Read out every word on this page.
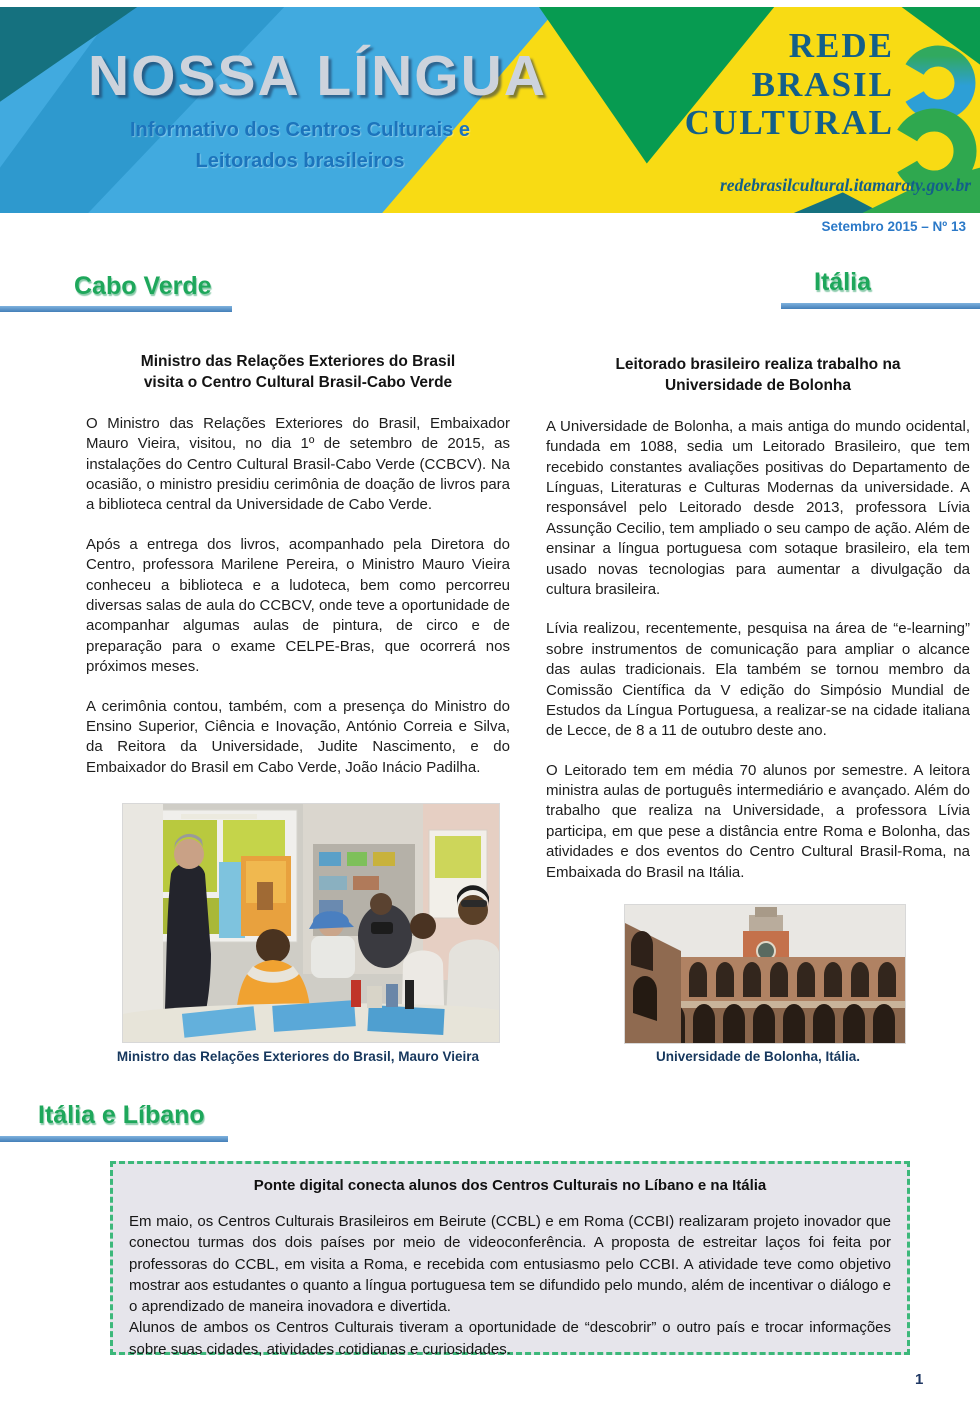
NOSSA LÍNGUA
Informativo dos Centros Culturais e
Leitorados brasileiros
REDE
BRASIL
CULTURAL
redebrasilcultural.itamaraty.gov.br
Setembro 2015 – Nº 13
Cabo Verde	Itália
Ministro das Relações Exteriores do Brasil visita o Centro Cultural Brasil-Cabo Verde

O Ministro das Relações Exteriores do Brasil, Embaixador Mauro Vieira, visitou, no dia 1º de setembro de 2015, as instalações do Centro Cultural Brasil-Cabo Verde (CCBCV). Na ocasião, o ministro presidiu cerimônia de doação de livros para a biblioteca central da Universidade de Cabo Verde.

Após a entrega dos livros, acompanhado pela Diretora do Centro, professora Marilene Pereira, o Ministro Mauro Vieira conheceu a biblioteca e a ludoteca, bem como percorreu diversas salas de aula do CCBCV, onde teve a oportunidade de acompanhar algumas aulas de pintura, de circo e de preparação para o exame CELPE-Bras, que ocorrerá nos próximos meses.

A cerimônia contou, também, com a presença do Ministro do Ensino Superior, Ciência e Inovação, António Correia e Silva, da Reitora da Universidade, Judite Nascimento, e do Embaixador do Brasil em Cabo Verde, João Inácio Padilha.

Leitorado brasileiro realiza trabalho na Universidade de Bolonha

A Universidade de Bolonha, a mais antiga do mundo ocidental, fundada em 1088, sedia um Leitorado Brasileiro, que tem recebido constantes avaliações positivas do Departamento de Línguas, Literaturas e Culturas Modernas da universidade. A responsável pelo Leitorado desde 2013, professora Lívia Assunção Cecilio, tem ampliado o seu campo de ação. Além de ensinar a língua portuguesa com sotaque brasileiro, ela tem usado novas tecnologias para aumentar a divulgação da cultura brasileira.

Lívia realizou, recentemente, pesquisa na área de “e-learning” sobre instrumentos de comunicação para ampliar o alcance das aulas tradicionais. Ela também se tornou membro da Comissão Científica da V edição do Simpósio Mundial de Estudos da Língua Portuguesa, a realizar-se na cidade italiana de Lecce, de 8 a 11 de outubro deste ano.

O Leitorado tem em média 70 alunos por semestre. A leitora ministra aulas de português intermediário e avançado. Além do trabalho que realiza na Universidade, a professora Lívia participa, em que pese a distância entre Roma e Bolonha, das atividades e dos eventos do Centro Cultural Brasil-Roma, na Embaixada do Brasil na Itália.

Ministro das Relações Exteriores do Brasil, Mauro Vieira	Universidade de Bolonha, Itália.
Itália e Líbano
Ponte digital conecta alunos dos Centros Culturais no Líbano e na Itália

Em maio, os Centros Culturais Brasileiros em Beirute (CCBL) e em Roma (CCBI) realizaram projeto inovador que conectou turmas dos dois países por meio de videoconferência. A proposta de estreitar laços foi feita por professoras do CCBL, em visita a Roma, e recebida com entusiasmo pelo CCBI. A atividade teve como objetivo mostrar aos estudantes o quanto a língua portuguesa tem se difundido pelo mundo, além de incentivar o diálogo e o aprendizado de maneira inovadora e divertida.

Alunos de ambos os Centros Culturais tiveram a oportunidade de “descobrir” o outro país e trocar informações sobre suas cidades, atividades cotidianas e curiosidades.

1
